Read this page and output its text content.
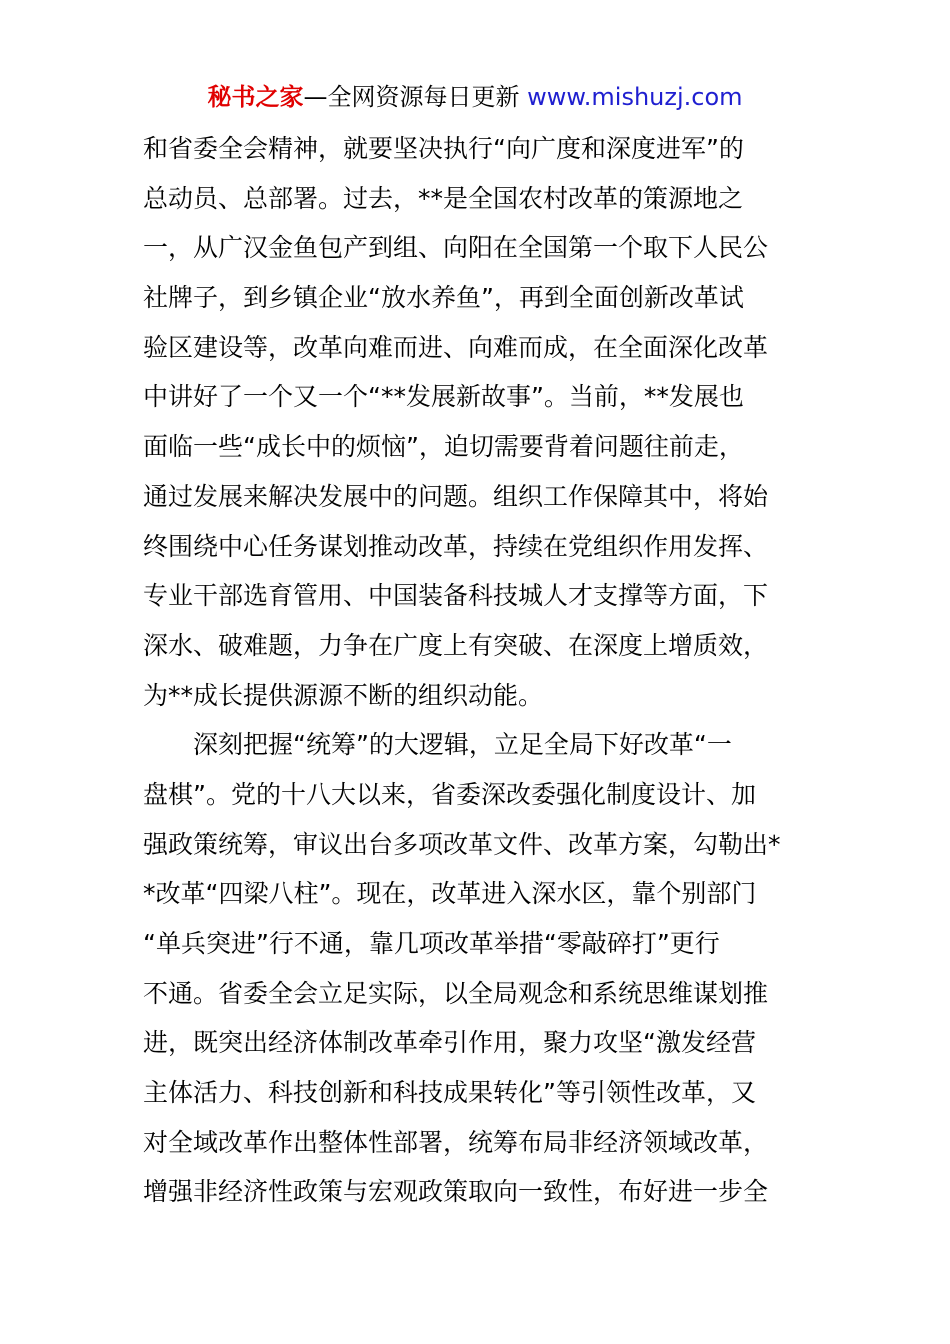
秘书之家—全网资源每日更新 www.mishuzj.com
和省委全会精神，就要坚决执行“向广度和深度进军”的
总动员、总部署。过去，**是全国农村改革的策源地之
一，从广汉金鱼包产到组、向阳在全国第一个取下人民公
社牌子，到乡镇企业“放水养鱼”，再到全面创新改革试
验区建设等，改革向难而进、向难而成，在全面深化改革
中讲好了一个又一个“**发展新故事”。当前，**发展也
面临一些“成长中的烦恼”，迫切需要背着问题往前走，
通过发展来解决发展中的问题。组织工作保障其中，将始
终围绕中心任务谋划推动改革，持续在党组织作用发挥、
专业干部选育管用、中国装备科技城人才支撑等方面，下
深水、破难题，力争在广度上有突破、在深度上增质效，
为**成长提供源源不断的组织动能。
深刻把握“统筹”的大逻辑，立足全局下好改革“一
盘棋”。党的十八大以来，省委深改委强化制度设计、加
强政策统筹，审议出台多项改革文件、改革方案，勾勒出*
*改革“四梁八柱”。现在，改革进入深水区，靠个别部门
“单兵突进”行不通，靠几项改革举措“零敲碎打”更行
不通。省委全会立足实际，以全局观念和系统思维谋划推
进，既突出经济体制改革牵引作用，聚力攻坚“激发经营
主体活力、科技创新和科技成果转化”等引领性改革，又
对全域改革作出整体性部署，统筹布局非经济领域改革，
增强非经济性政策与宏观政策取向一致性，布好进一步全
